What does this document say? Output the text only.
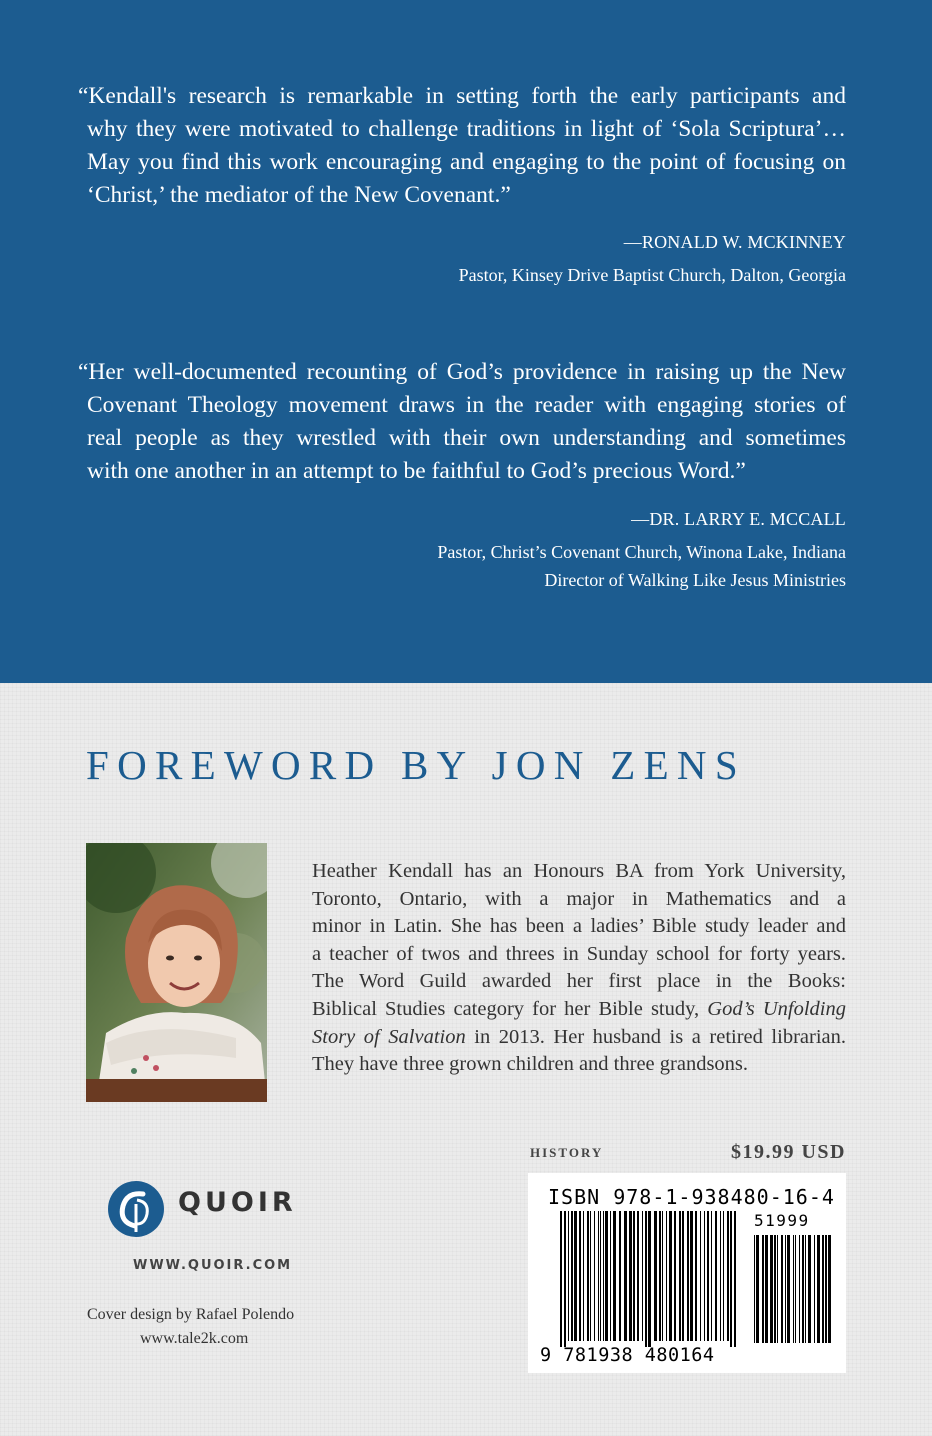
“Kendall's research is remarkable in setting forth the early participants and
why they were motivated to challenge traditions in light of ‘Sola Scriptura’…
May you find this work encouraging and engaging to the point of focusing on
‘Christ,’ the mediator of the New Covenant.”
—RONALD W. MCKINNEY
Pastor, Kinsey Drive Baptist Church, Dalton, Georgia
“Her well-documented recounting of God’s providence in raising up the New
Covenant Theology movement draws in the reader with engaging stories of
real people as they wrestled with their own understanding and sometimes
with one another in an attempt to be faithful to God’s precious Word.”
—DR. LARRY E. MCCALL
Pastor, Christ’s Covenant Church, Winona Lake, Indiana
Director of Walking Like Jesus Ministries
FOREWORD BY JON ZENS
Heather Kendall has an Honours BA from York University,
Toronto, Ontario, with a major in Mathematics and a
minor in Latin. She has been a ladies’ Bible study leader and
a teacher of twos and threes in Sunday school for forty years.
The Word Guild awarded her first place in the Books:
Biblical Studies category for her Bible study, God’s Unfolding
Story of Salvation in 2013. Her husband is a retired librarian.
They have three grown children and three grandsons.
HISTORY	$19.99 USD
ISBN 978-1-938480-16-4
51999
9 781938 480164
QUOIR
WWW.QUOIR.COM
Cover design by Rafael Polendo
www.tale2k.com
